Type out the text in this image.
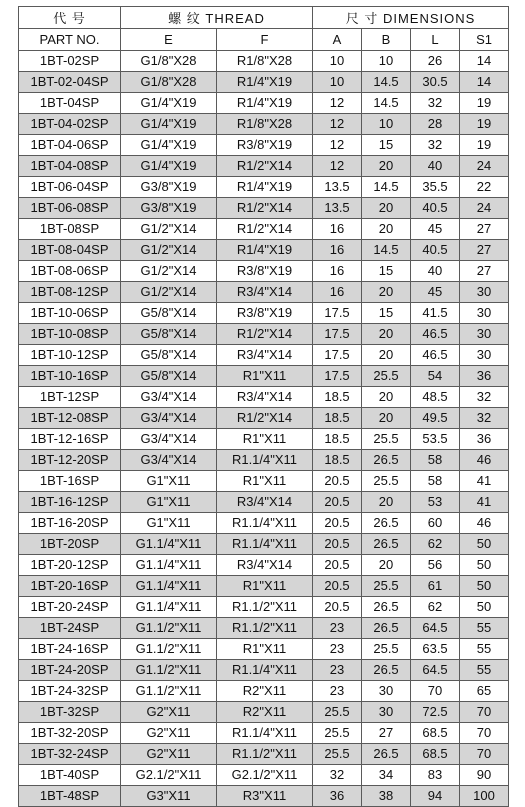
代 号	螺 纹 THREAD		尺 寸 DIMENSIONS			
PART NO.	E	F	A	B	L	S1
1BT-02SP	G1/8"X28	R1/8"X28	10	10	26	14
1BT-02-04SP	G1/8"X28	R1/4"X19	10	14.5	30.5	14
1BT-04SP	G1/4"X19	R1/4"X19	12	14.5	32	19
1BT-04-02SP	G1/4"X19	R1/8"X28	12	10	28	19
1BT-04-06SP	G1/4"X19	R3/8"X19	12	15	32	19
1BT-04-08SP	G1/4"X19	R1/2"X14	12	20	40	24
1BT-06-04SP	G3/8"X19	R1/4"X19	13.5	14.5	35.5	22
1BT-06-08SP	G3/8"X19	R1/2"X14	13.5	20	40.5	24
1BT-08SP	G1/2"X14	R1/2"X14	16	20	45	27
1BT-08-04SP	G1/2"X14	R1/4"X19	16	14.5	40.5	27
1BT-08-06SP	G1/2"X14	R3/8"X19	16	15	40	27
1BT-08-12SP	G1/2"X14	R3/4"X14	16	20	45	30
1BT-10-06SP	G5/8"X14	R3/8"X19	17.5	15	41.5	30
1BT-10-08SP	G5/8"X14	R1/2"X14	17.5	20	46.5	30
1BT-10-12SP	G5/8"X14	R3/4"X14	17.5	20	46.5	30
1BT-10-16SP	G5/8"X14	R1"X11	17.5	25.5	54	36
1BT-12SP	G3/4"X14	R3/4"X14	18.5	20	48.5	32
1BT-12-08SP	G3/4"X14	R1/2"X14	18.5	20	49.5	32
1BT-12-16SP	G3/4"X14	R1"X11	18.5	25.5	53.5	36
1BT-12-20SP	G3/4"X14	R1.1/4"X11	18.5	26.5	58	46
1BT-16SP	G1"X11	R1"X11	20.5	25.5	58	41
1BT-16-12SP	G1"X11	R3/4"X14	20.5	20	53	41
1BT-16-20SP	G1"X11	R1.1/4"X11	20.5	26.5	60	46
1BT-20SP	G1.1/4"X11	R1.1/4"X11	20.5	26.5	62	50
1BT-20-12SP	G1.1/4"X11	R3/4"X14	20.5	20	56	50
1BT-20-16SP	G1.1/4"X11	R1"X11	20.5	25.5	61	50
1BT-20-24SP	G1.1/4"X11	R1.1/2"X11	20.5	26.5	62	50
1BT-24SP	G1.1/2"X11	R1.1/2"X11	23	26.5	64.5	55
1BT-24-16SP	G1.1/2"X11	R1"X11	23	25.5	63.5	55
1BT-24-20SP	G1.1/2"X11	R1.1/4"X11	23	26.5	64.5	55
1BT-24-32SP	G1.1/2"X11	R2"X11	23	30	70	65
1BT-32SP	G2"X11	R2"X11	25.5	30	72.5	70
1BT-32-20SP	G2"X11	R1.1/4"X11	25.5	27	68.5	70
1BT-32-24SP	G2"X11	R1.1/2"X11	25.5	26.5	68.5	70
1BT-40SP	G2.1/2"X11	G2.1/2"X11	32	34	83	90
1BT-48SP	G3"X11	R3"X11	36	38	94	100
